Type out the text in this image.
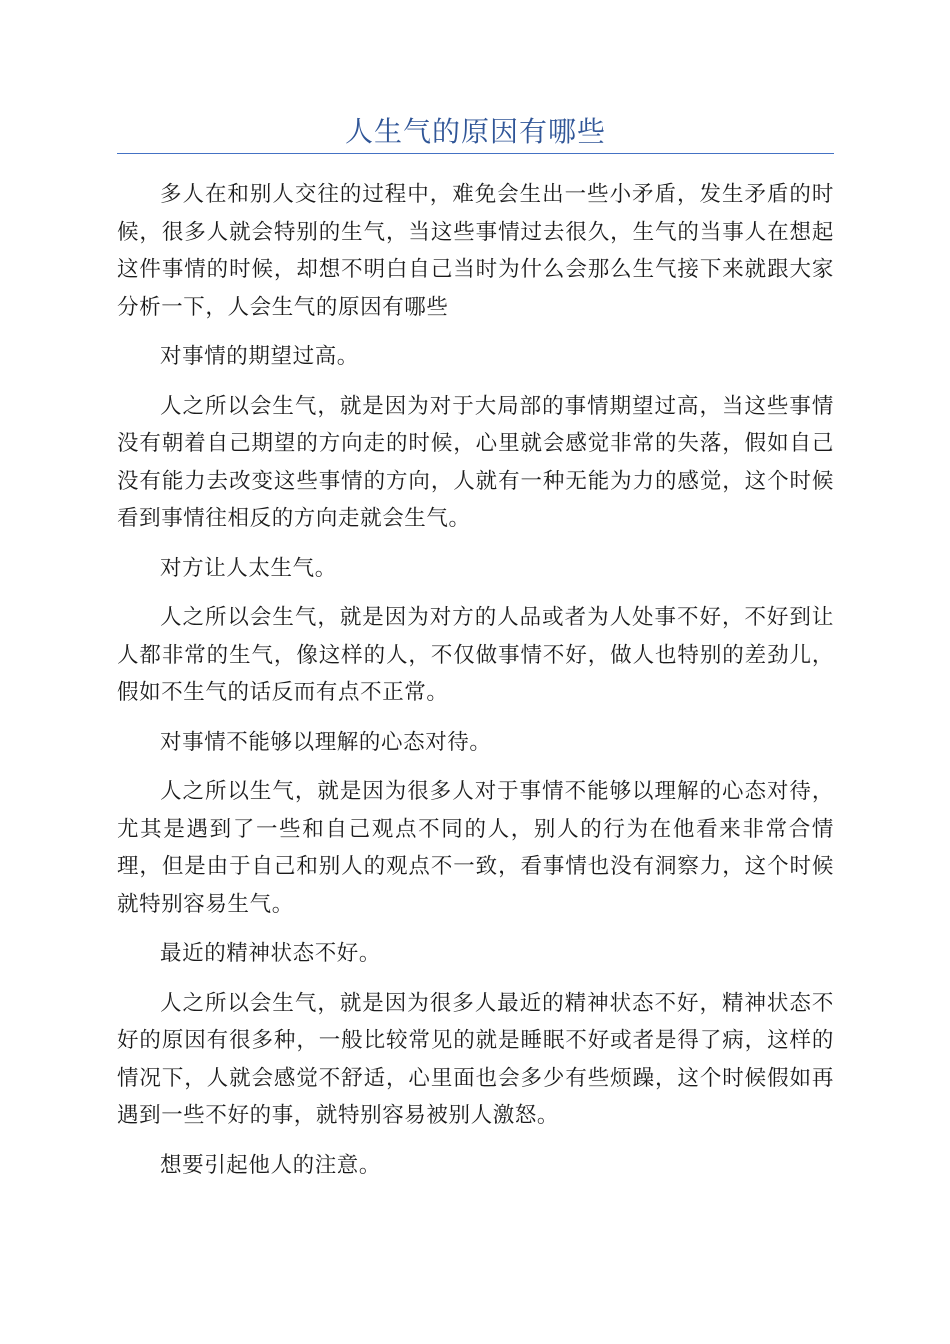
人生气的原因有哪些

多人在和别人交往的过程中，难免会生出一些小矛盾，发生矛盾的时候，很多人就会特别的生气，当这些事情过去很久，生气的当事人在想起这件事情的时候，却想不明白自己当时为什么会那么生气接下来就跟大家分析一下，人会生气的原因有哪些

对事情的期望过高。

人之所以会生气，就是因为对于大局部的事情期望过高，当这些事情没有朝着自己期望的方向走的时候，心里就会感觉非常的失落，假如自己没有能力去改变这些事情的方向，人就有一种无能为力的感觉，这个时候看到事情往相反的方向走就会生气。

对方让人太生气。

人之所以会生气，就是因为对方的人品或者为人处事不好，不好到让人都非常的生气，像这样的人，不仅做事情不好，做人也特别的差劲儿，假如不生气的话反而有点不正常。

对事情不能够以理解的心态对待。

人之所以生气，就是因为很多人对于事情不能够以理解的心态对待，尤其是遇到了一些和自己观点不同的人，别人的行为在他看来非常合情理，但是由于自己和别人的观点不一致，看事情也没有洞察力，这个时候就特别容易生气。

最近的精神状态不好。

人之所以会生气，就是因为很多人最近的精神状态不好，精神状态不好的原因有很多种，一般比较常见的就是睡眠不好或者是得了病，这样的情况下，人就会感觉不舒适，心里面也会多少有些烦躁，这个时候假如再遇到一些不好的事，就特别容易被别人激怒。

想要引起他人的注意。
